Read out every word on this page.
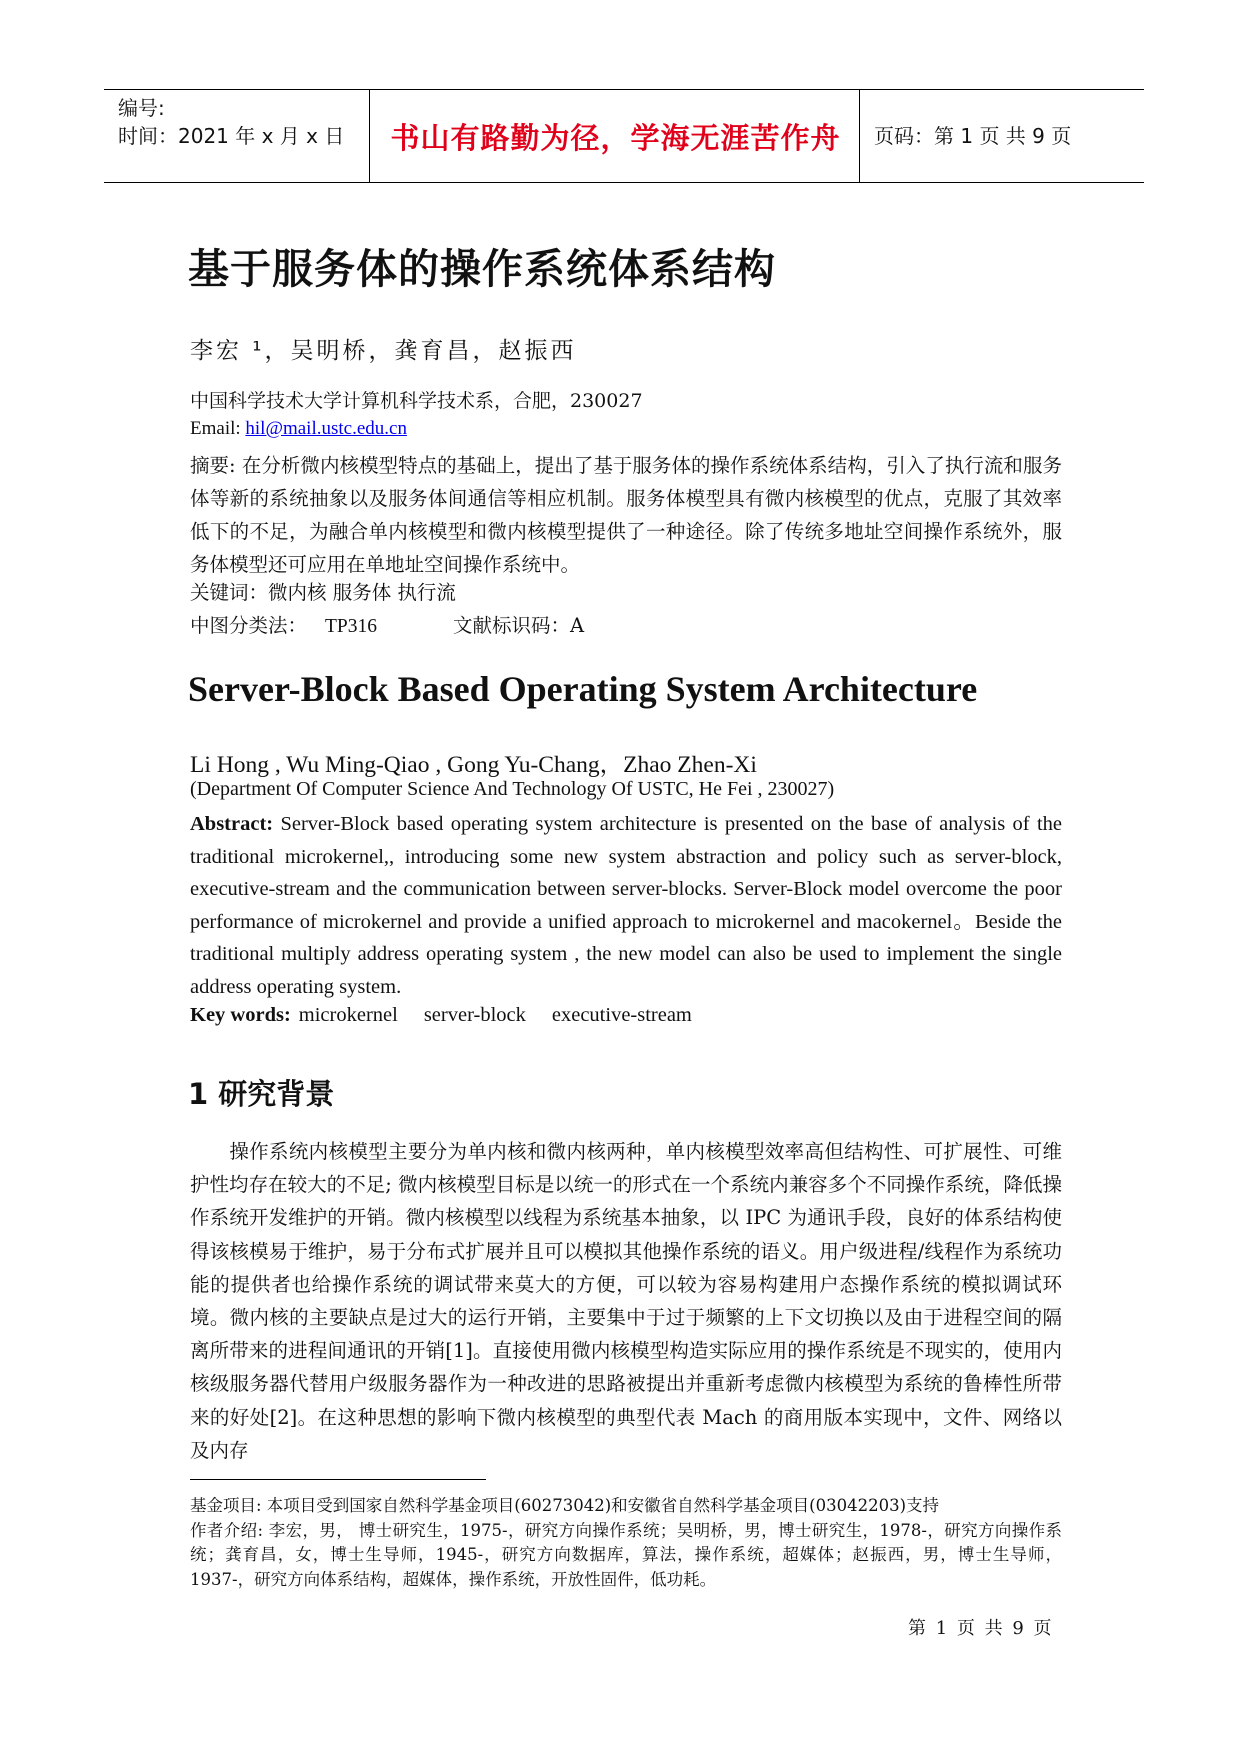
编号:
时间：2021 年 x 月 x 日	书山有路勤为径，学海无涯苦作舟	页码：第 1 页 共 9 页
基于服务体的操作系统体系结构
李宏 ¹，吴明桥，龚育昌，赵振西
中国科学技术大学计算机科学技术系，合肥，230027
Email: hil@mail.ustc.edu.cn
摘要: 在分析微内核模型特点的基础上，提出了基于服务体的操作系统体系结构，引入了执行流和服务体等新的系统抽象以及服务体间通信等相应机制。服务体模型具有微内核模型的优点，克服了其效率低下的不足，为融合单内核模型和微内核模型提供了一种途径。除了传统多地址空间操作系统外，服务体模型还可应用在单地址空间操作系统中。
关键词：微内核 服务体 执行流
中图分类法： TP316	文献标识码：A
Server-Block Based Operating System Architecture
Li Hong , Wu Ming-Qiao , Gong Yu-Chang，Zhao Zhen-Xi
(Department Of Computer Science And Technology Of USTC, He Fei , 230027)
Abstract: Server-Block based operating system architecture is presented on the base of analysis of the traditional microkernel,, introducing some new system abstraction and policy such as server-block, executive-stream and the communication between server-blocks. Server-Block model overcome the poor performance of microkernel and provide a unified approach to microkernel and macokernel。Beside the traditional multiply address operating system , the new model can also be used to implement the single address operating system.
Key words: microkernel server-block executive-stream
1 研究背景
操作系统内核模型主要分为单内核和微内核两种，单内核模型效率高但结构性、可扩展性、可维护性均存在较大的不足; 微内核模型目标是以统一的形式在一个系统内兼容多个不同操作系统，降低操作系统开发维护的开销。微内核模型以线程为系统基本抽象，以 IPC 为通讯手段，良好的体系结构使得该核模易于维护，易于分布式扩展并且可以模拟其他操作系统的语义。用户级进程/线程作为系统功能的提供者也给操作系统的调试带来莫大的方便，可以较为容易构建用户态操作系统的模拟调试环境。微内核的主要缺点是过大的运行开销，主要集中于过于频繁的上下文切换以及由于进程空间的隔离所带来的进程间通讯的开销[1]。直接使用微内核模型构造实际应用的操作系统是不现实的，使用内核级服务器代替用户级服务器作为一种改进的思路被提出并重新考虑微内核模型为系统的鲁棒性所带来的好处[2]。在这种思想的影响下微内核模型的典型代表 Mach 的商用版本实现中，文件、网络以及内存
基金项目: 本项目受到国家自然科学基金项目(60273042)和安徽省自然科学基金项目(03042203)支持
作者介绍: 李宏，男， 博士研究生，1975-，研究方向操作系统；吴明桥，男，博士研究生，1978-，研究方向操作系统；龚育昌，女，博士生导师，1945-，研究方向数据库，算法，操作系统，超媒体；赵振西，男，博士生导师，1937-，研究方向体系结构，超媒体，操作系统，开放性固件，低功耗。
第 1 页 共 9 页
